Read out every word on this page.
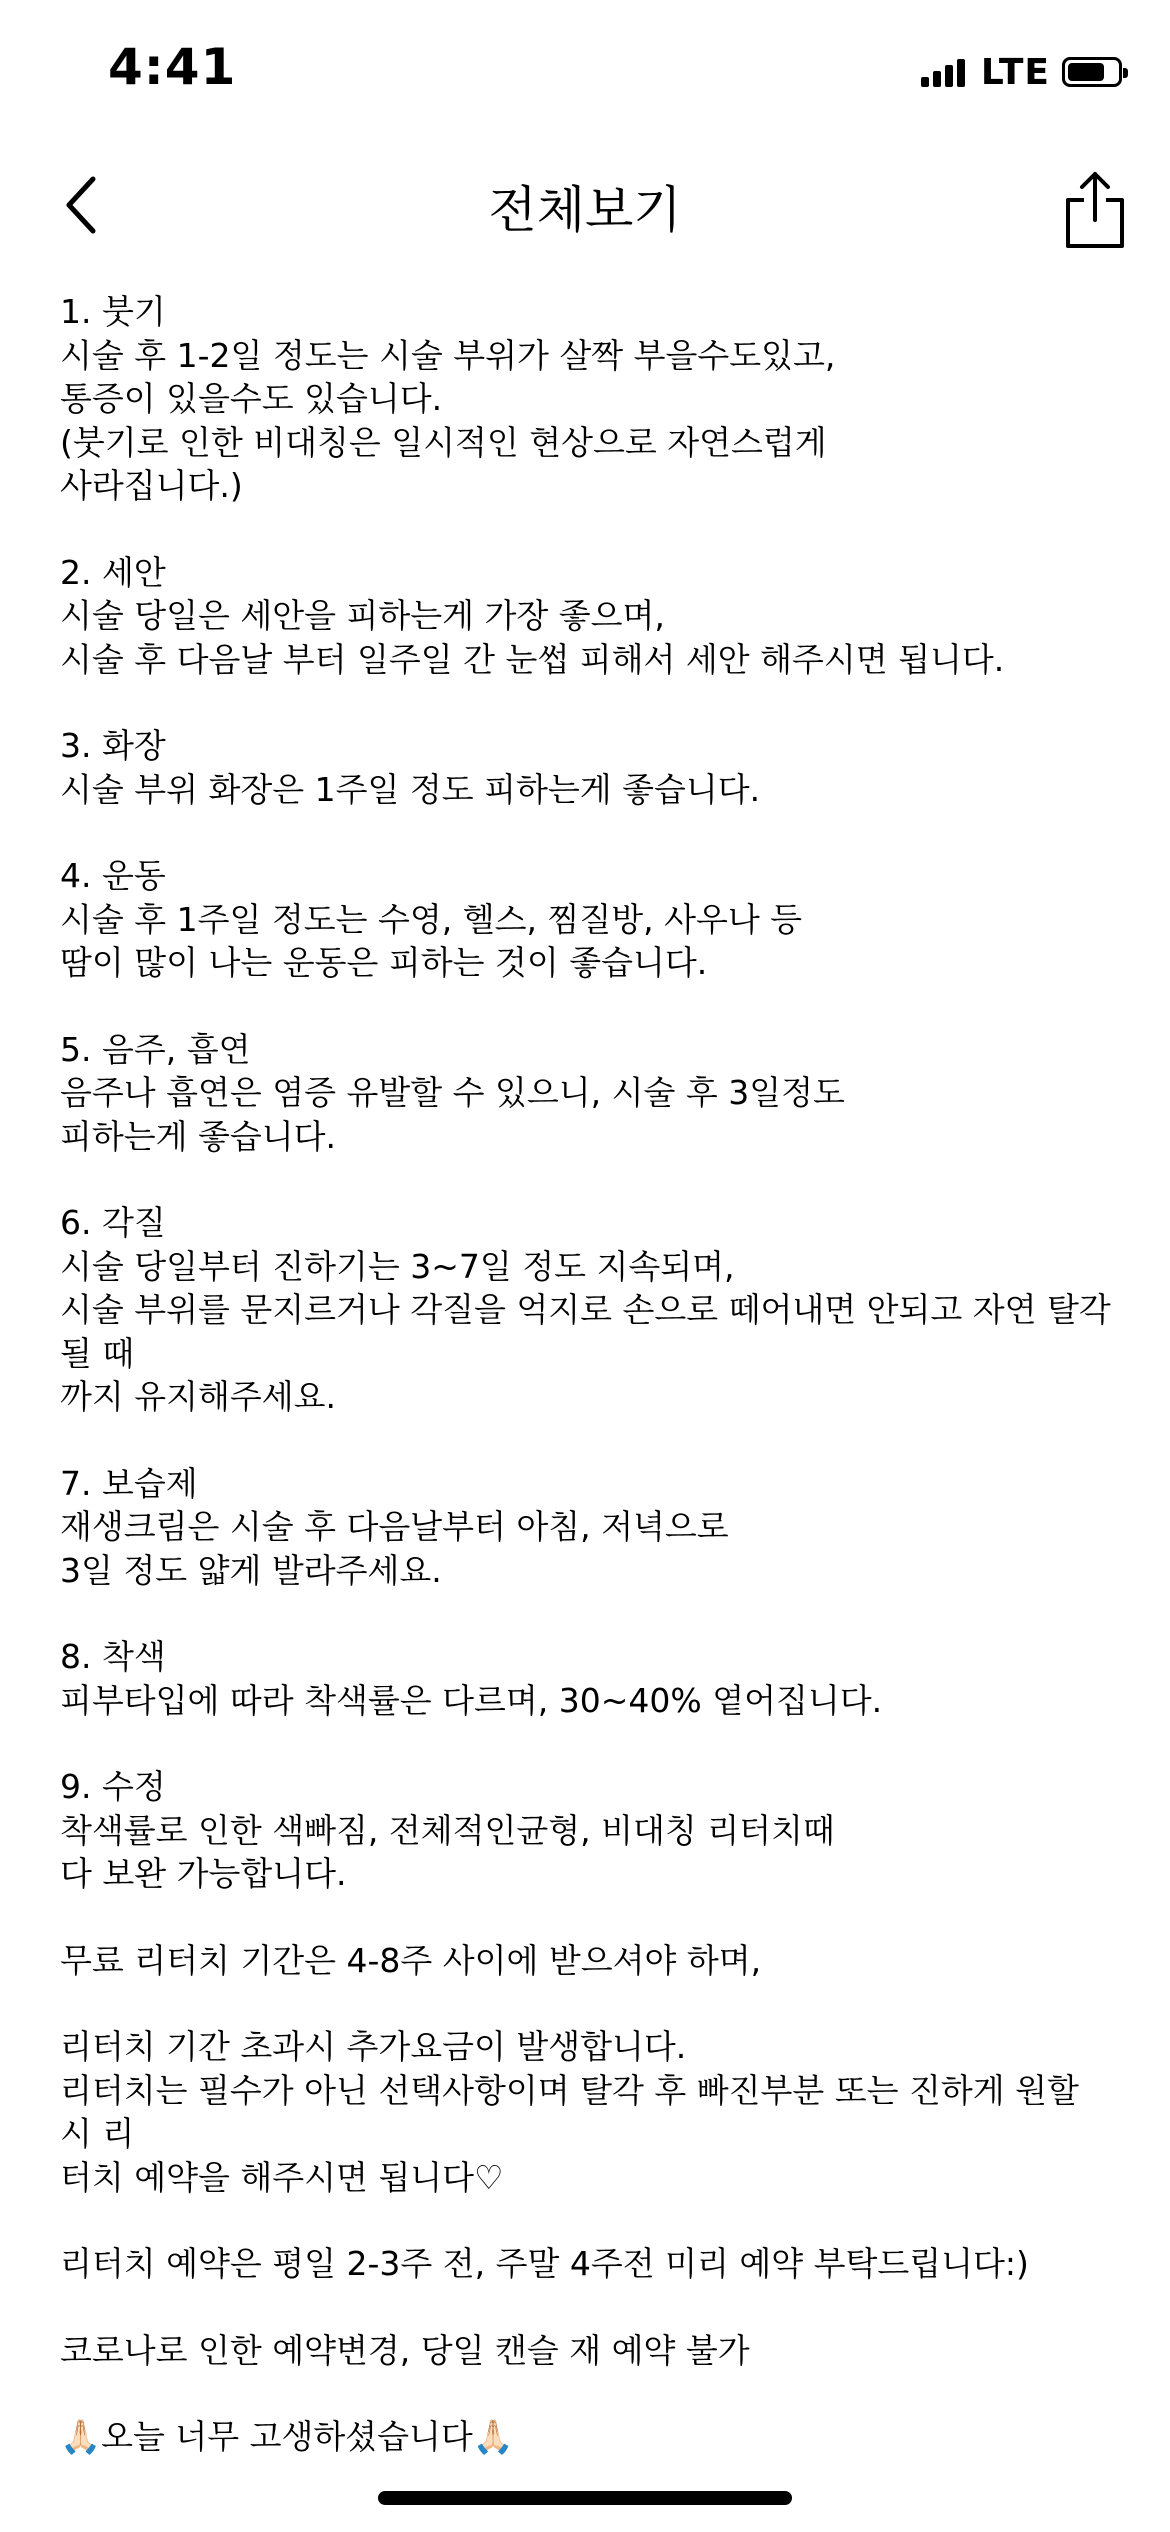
4:41	LTE
전체보기
1. 붓기
시술 후 1-2일 정도는 시술 부위가 살짝 부을수도있고,
통증이 있을수도 있습니다.
(붓기로 인한 비대칭은 일시적인 현상으로 자연스럽게
사라집니다.)
2. 세안
시술 당일은 세안을 피하는게 가장 좋으며,
시술 후 다음날 부터 일주일 간 눈썹 피해서 세안 해주시면 됩니다.
3. 화장
시술 부위 화장은 1주일 정도 피하는게 좋습니다.
4. 운동
시술 후 1주일 정도는 수영, 헬스, 찜질방, 사우나 등
땀이 많이 나는 운동은 피하는 것이 좋습니다.
5. 음주, 흡연
음주나 흡연은 염증 유발할 수 있으니, 시술 후 3일정도
피하는게 좋습니다.
6. 각질
시술 당일부터 진하기는 3~7일 정도 지속되며,
시술 부위를 문지르거나 각질을 억지로 손으로 떼어내면 안되고 자연 탈각 될 때
까지 유지해주세요.
7. 보습제
재생크림은 시술 후 다음날부터 아침, 저녁으로
3일 정도 얇게 발라주세요.
8. 착색
피부타입에 따라 착색률은 다르며, 30~40% 옅어집니다.
9. 수정
착색률로 인한 색빠짐, 전체적인균형, 비대칭 리터치때
다 보완 가능합니다.
무료 리터치 기간은 4-8주 사이에 받으셔야 하며,
리터치 기간 초과시 추가요금이 발생합니다.
리터치는 필수가 아닌 선택사항이며 탈각 후 빠진부분 또는 진하게 원할 시 리
터치 예약을 해주시면 됩니다♡
리터치 예약은 평일 2-3주 전, 주말 4주전 미리 예약 부탁드립니다:)
코로나로 인한 예약변경, 당일 캔슬 재 예약 불가
🙏🏻오늘 너무 고생하셨습니다🙏🏻
